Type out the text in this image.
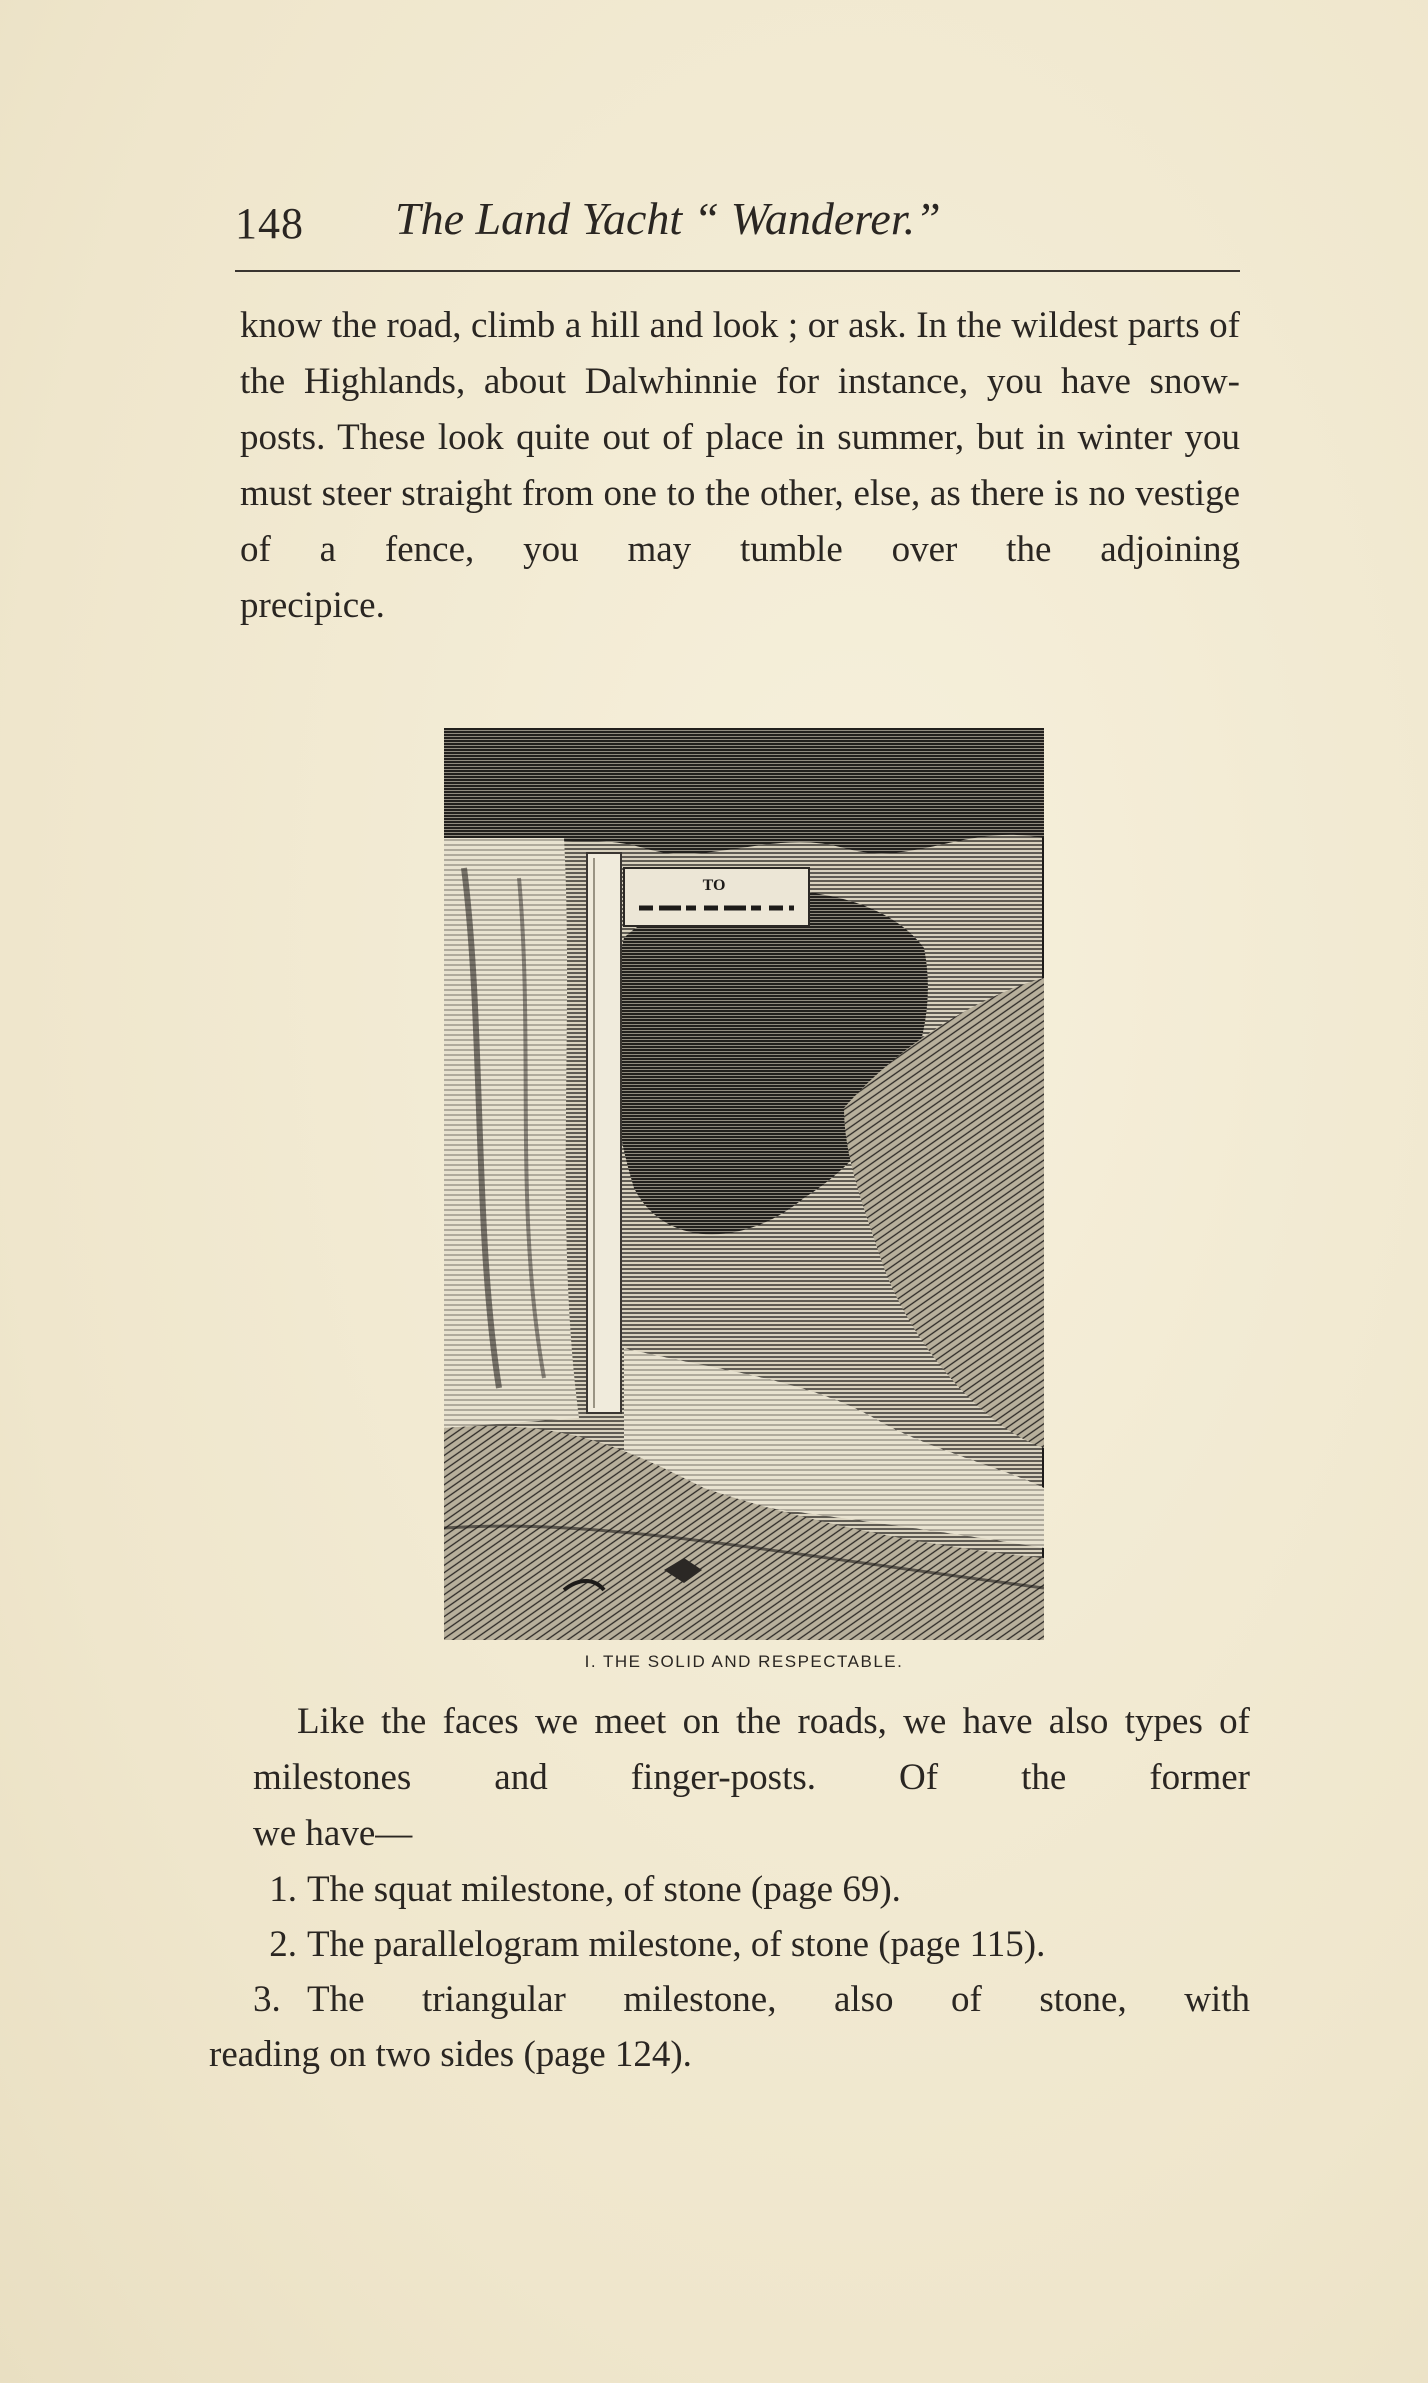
148 The Land Yacht “ Wanderer.”

know the road, climb a hill and look ; or ask. In the wildest parts of the Highlands, about Dalwhinnie for instance, you have snow-posts. These look quite out of place in summer, but in winter you must steer straight from one to the other, else, as there is no vestige of a fence, you may tumble over the adjoining
precipice.

TO
I. THE SOLID AND RESPECTABLE.

Like the faces we meet on the roads, we have also types of milestones and finger-posts. Of the former
we have—

1. The squat milestone, of stone (page 69).
2. The parallelogram milestone, of stone (page 115).
3. The triangular milestone, also of stone, with
reading on two sides (page 124).
